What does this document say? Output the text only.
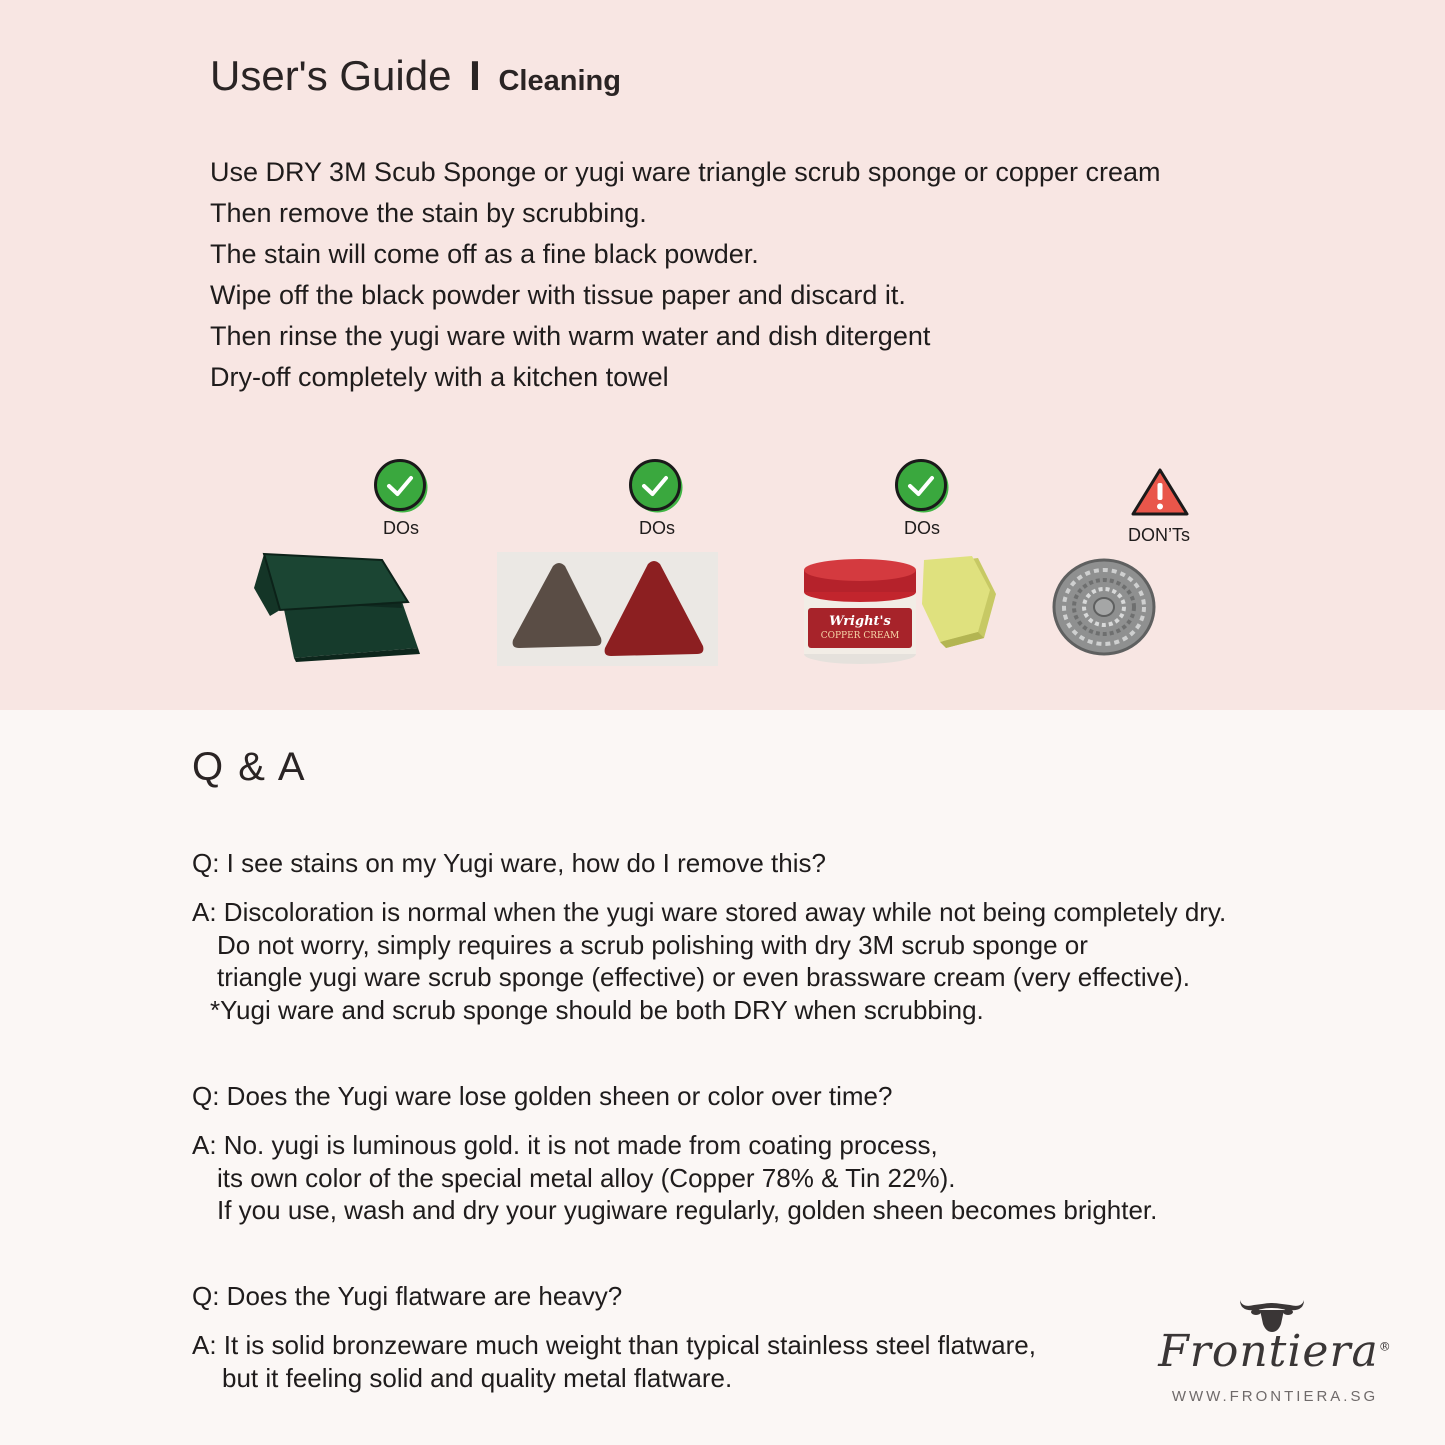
User's Guide I Cleaning
Use DRY 3M Scub Sponge or yugi ware triangle scrub sponge or copper cream
Then remove the stain by scrubbing.
The stain will come off as a fine black powder.
Wipe off the black powder with tissue paper and discard it.
Then rinse the yugi ware with warm water and dish ditergent
Dry-off completely with a kitchen towel
DOs	DOs	DOs	DON’Ts
Wright's
COPPER CREAM
Q & A
Q: I see stains on my Yugi ware, how do I remove this?
A: Discoloration is normal when the yugi ware stored away while not being completely dry.
Do not worry, simply requires a scrub polishing with dry 3M scrub sponge or
triangle yugi ware scrub sponge (effective) or even brassware cream (very effective).
*Yugi ware and scrub sponge should be both DRY when scrubbing.
Q: Does the Yugi ware lose golden sheen or color over time?
A: No. yugi is luminous gold. it is not made from coating process,
its own color of the special metal alloy (Copper 78% & Tin 22%).
If you use, wash and dry your yugiware regularly, golden sheen becomes brighter.
Q: Does the Yugi flatware are heavy?
A: It is solid bronzeware much weight than typical stainless steel flatware,
but it feeling solid and quality metal flatware.
Frontiera®
WWW.FRONTIERA.SG
